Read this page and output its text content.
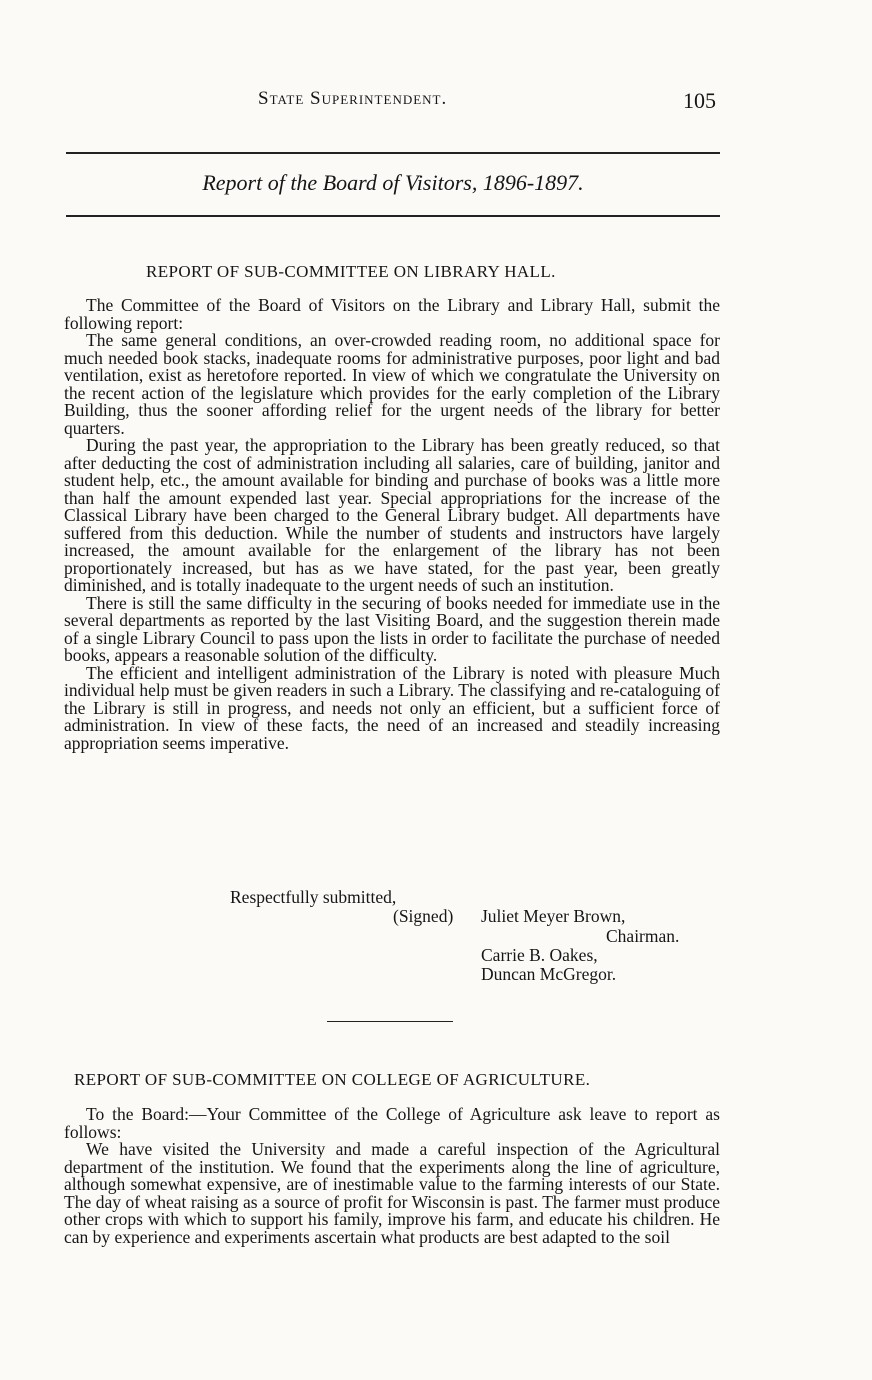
State Superintendent.	105
Report of the Board of Visitors, 1896-1897.
REPORT OF SUB-COMMITTEE ON LIBRARY HALL.

The Committee of the Board of Visitors on the Library and Library Hall, submit the following report:

The same general conditions, an over-crowded reading room, no additional space for much needed book stacks, inadequate rooms for administrative purposes, poor light and bad ventilation, exist as heretofore reported. In view of which we congratulate the University on the recent action of the legislature which provides for the early completion of the Library Building, thus the sooner affording relief for the urgent needs of the library for better quarters.

During the past year, the appropriation to the Library has been greatly reduced, so that after deducting the cost of administration including all salaries, care of building, janitor and student help, etc., the amount available for binding and purchase of books was a little more than half the amount expended last year. Special appropriations for the increase of the Classical Library have been charged to the General Library budget. All departments have suffered from this deduction. While the number of students and instructors have largely increased, the amount available for the enlargement of the library has not been proportionately increased, but has as we have stated, for the past year, been greatly diminished, and is totally inadequate to the urgent needs of such an institution.

There is still the same difficulty in the securing of books needed for immediate use in the several departments as reported by the last Visiting Board, and the suggestion therein made of a single Library Council to pass upon the lists in order to facilitate the purchase of needed books, appears a reasonable solution of the difficulty.

The efficient and intelligent administration of the Library is noted with pleasure Much individual help must be given readers in such a Library. The classifying and re-cataloguing of the Library is still in progress, and needs not only an efficient, but a sufficient force of administration. In view of these facts, the need of an increased and steadily increasing appropriation seems imperative.

Respectfully submitted,
(Signed) Juliet Meyer Brown,
Chairman.
Carrie B. Oakes,
Duncan McGregor.
REPORT OF SUB-COMMITTEE ON COLLEGE OF AGRICULTURE.

To the Board:—Your Committee of the College of Agriculture ask leave to report as follows:

We have visited the University and made a careful inspection of the Agricultural department of the institution. We found that the experiments along the line of agriculture, although somewhat expensive, are of inestimable value to the farming interests of our State. The day of wheat raising as a source of profit for Wisconsin is past. The farmer must produce other crops with which to support his family, improve his farm, and educate his children. He can by experience and experiments ascertain what products are best adapted to the soil
